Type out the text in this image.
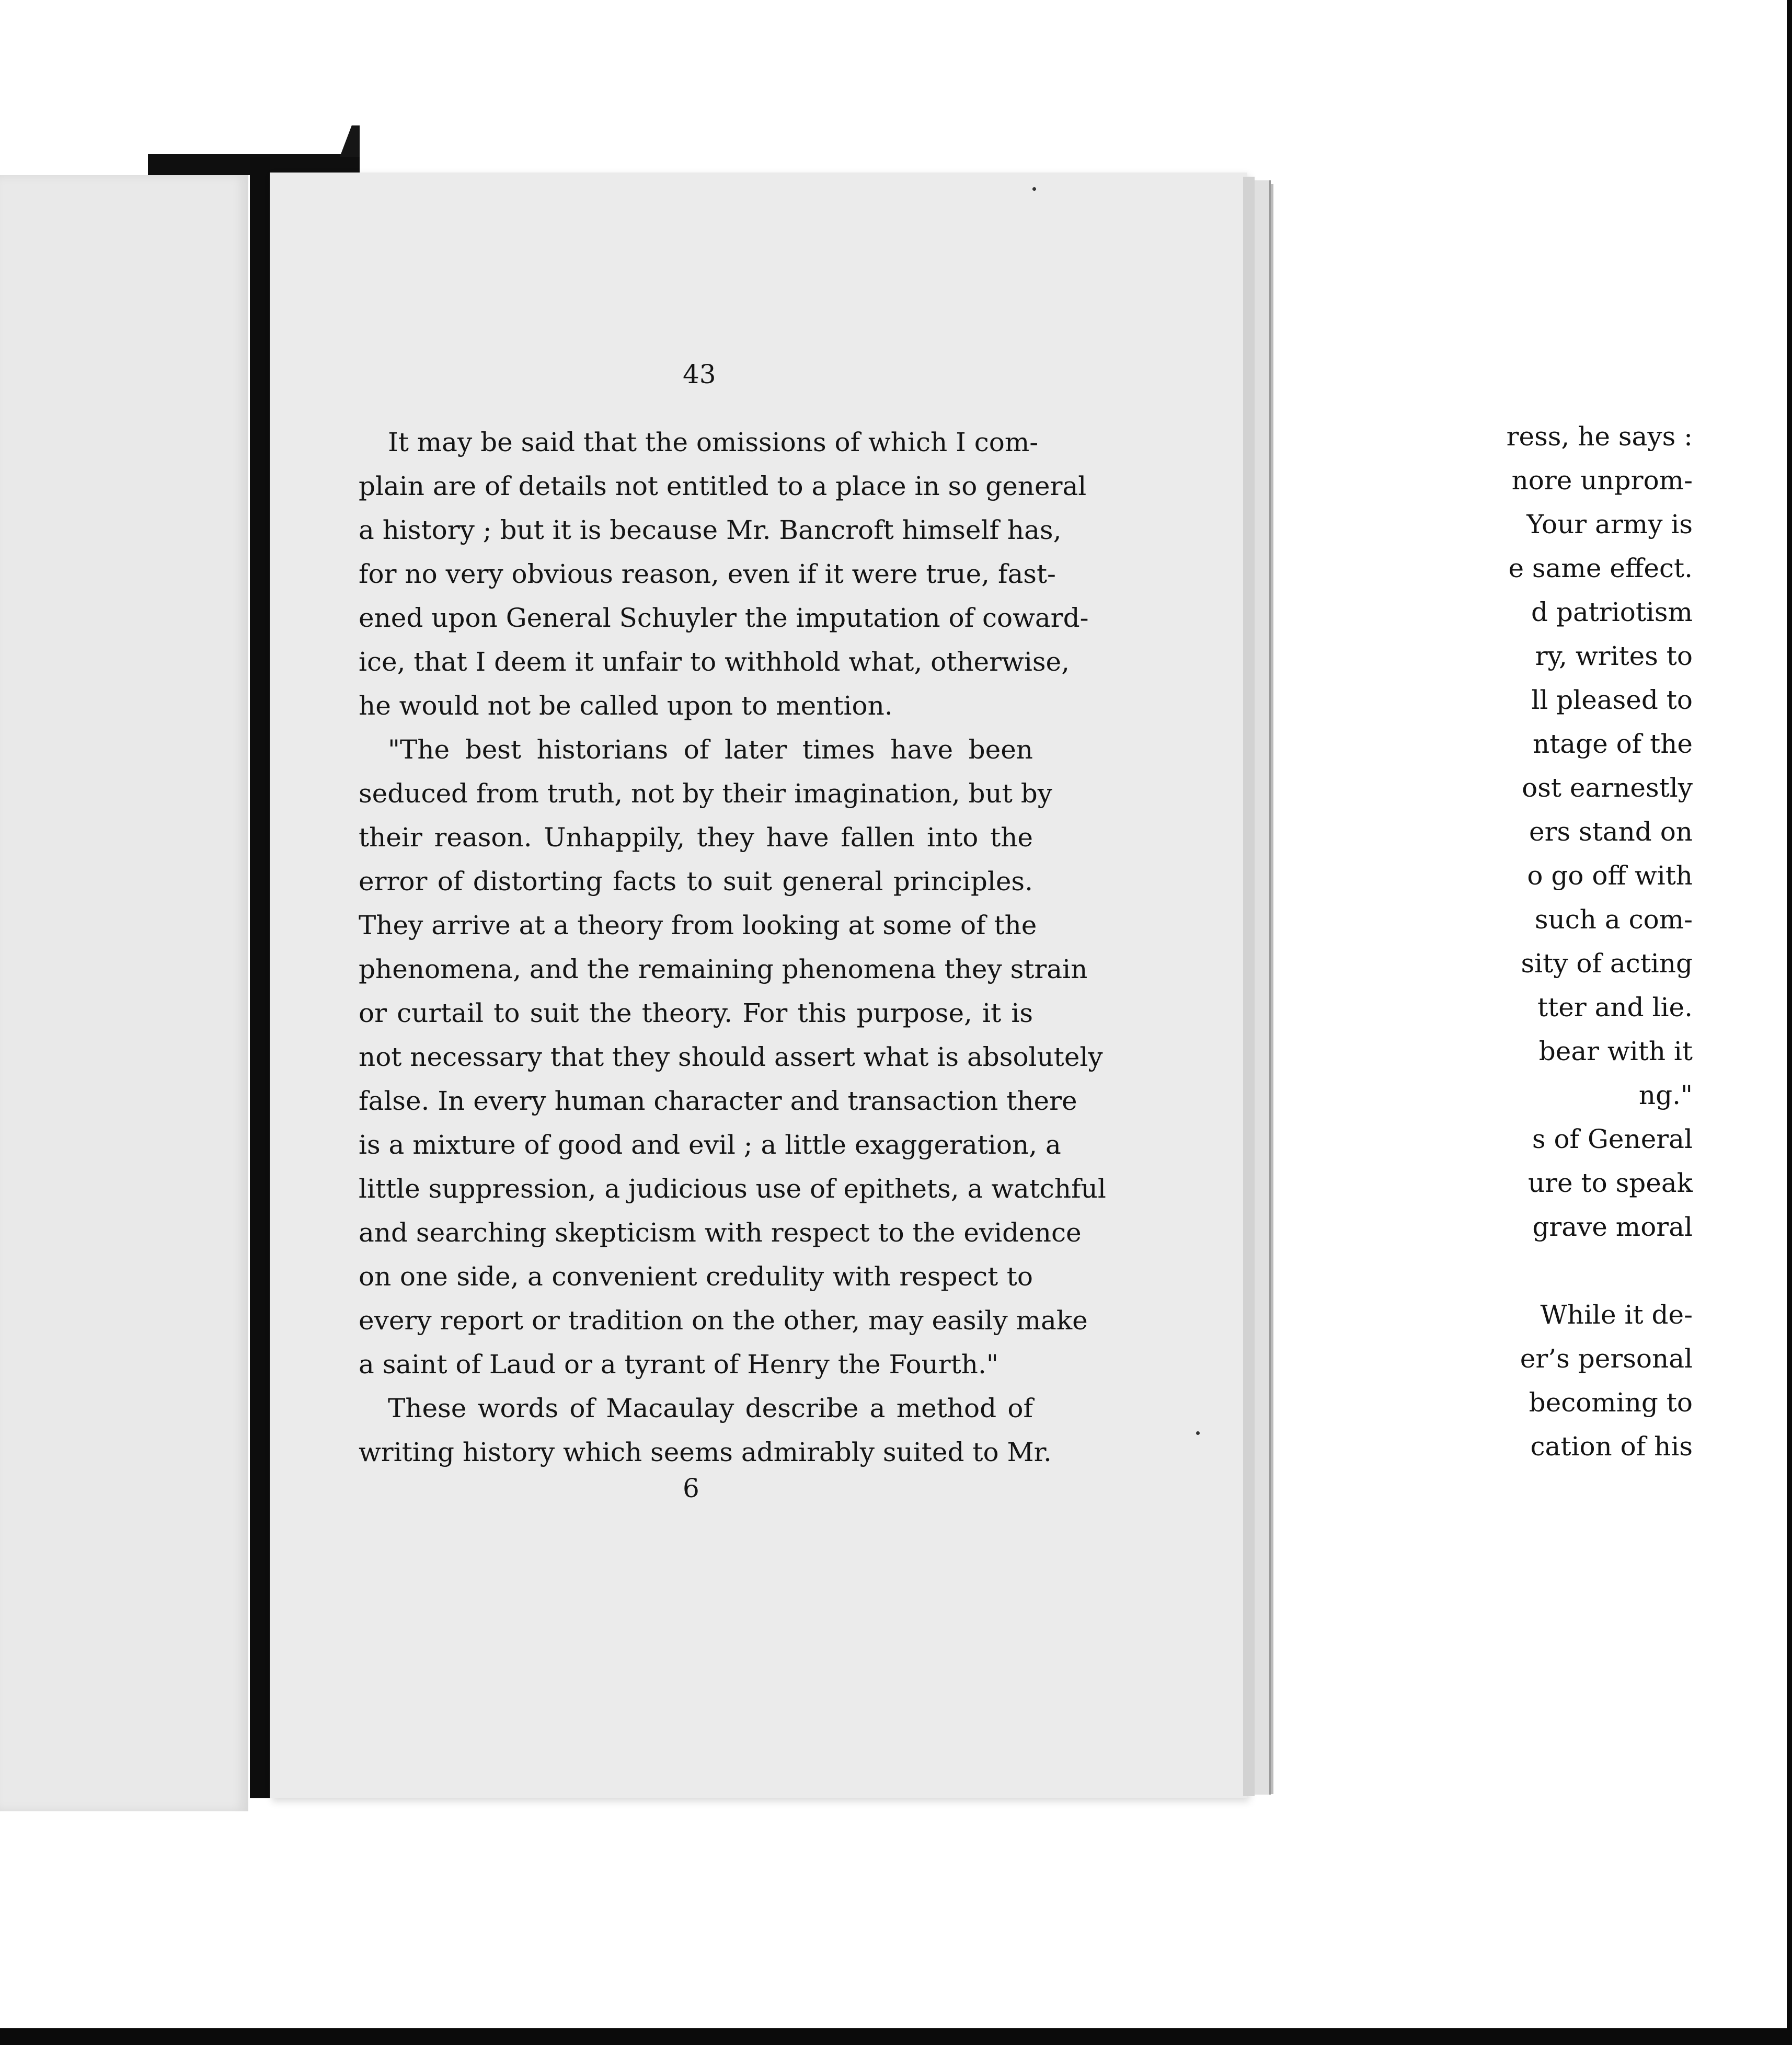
ress, he says :
nore unprom-
Your army is
e same effect.
d patriotism
ry, writes to
ll pleased to
ntage of the
ost earnestly
ers stand on
o go off with
such a com-
sity of acting
tter and lie.
bear with it
ng."
s of General
ure to speak
grave moral
While it de-
er’s personal
becoming to
cation of his
43
It may be said that the omissions of which I com-
plain are of details not entitled to a place in so general
a history ; but it is because Mr. Bancroft himself has,
for no very obvious reason, even if it were true, fast-
ened upon General Schuyler the imputation of coward-
ice, that I deem it unfair to withhold what, otherwise,
he would not be called upon to mention.
"The best historians of later times have been
seduced from truth, not by their imagination, but by
their reason. Unhappily, they have fallen into the
error of distorting facts to suit general principles.
They arrive at a theory from looking at some of the
phenomena, and the remaining phenomena they strain
or curtail to suit the theory. For this purpose, it is
not necessary that they should assert what is absolutely
false. In every human character and transaction there
is a mixture of good and evil ; a little exaggeration, a
little suppression, a judicious use of epithets, a watchful
and searching skepticism with respect to the evidence
on one side, a convenient credulity with respect to
every report or tradition on the other, may easily make
a saint of Laud or a tyrant of Henry the Fourth."
These words of Macaulay describe a method of
writing history which seems admirably suited to Mr.
6
